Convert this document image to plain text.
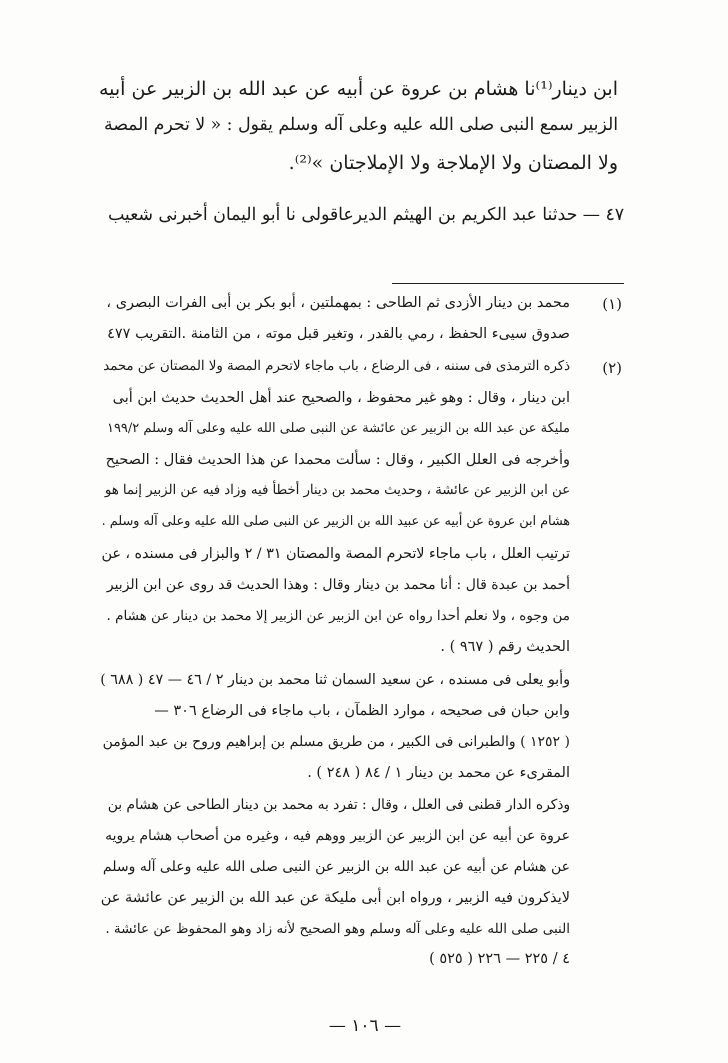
ابن دينار⁽¹⁾نا هشام بن عروة عن أبيه عن عبد الله بن الزبير عن أبيه
الزبير سمع النبى صلى الله عليه وعلى آله وسلم يقول : « لا تحرم المصة
ولا المصتان ولا الإملاجة ولا الإملاجتان »⁽²⁾.
٤٧ — حدثنا عبد الكريم بن الهيثم الديرعاقولى نا أبو اليمان أخبرنى شعيب
(١)
(٢)
محمد بن دينار الأزدى ثم الطاحى : بمهملتين ، أبو بكر بن أبى الفرات البصرى ،
صدوق سيىء الحفظ ، رمي بالقدر ، وتغير قبل موته ، من الثامنة .التقريب ٤٧٧
ذكره الترمذى فى سننه ، فى الرضاع ، باب ماجاء لاتحرم المصة ولا المصتان عن محمد
ابن دينار ، وقال : وهو غير محفوظ ، والصحيح عند أهل الحديث حديث ابن أبى
مليكة عن عبد الله بن الزبير عن عائشة عن النبى صلى الله عليه وعلى آله وسلم ١٩٩/٢
وأخرجه فى العلل الكبير ، وقال : سألت محمدا عن هذا الحديث فقال : الصحيح
عن ابن الزبير عن عائشة ، وحديث محمد بن دينار أخطأ فيه وزاد فيه عن الزبير إنما هو
هشام ابن عروة عن أبيه عن عبيد الله بن الزبير عن النبى صلى الله عليه وعلى آله وسلم .
ترتيب العلل ، باب ماجاء لاتحرم المصة والمصتان ٣١ / ٢ والبزار فى مسنده ، عن
أحمد بن عبدة قال : أنا محمد بن دينار وقال : وهذا الحديث قد روى عن ابن الزبير
من وجوه ، ولا نعلم أحدا رواه عن ابن الزبير عن الزبير إلا محمد بن دينار عن هشام .
الحديث رقم ( ٩٦٧ ) .
وأبو يعلى فى مسنده ، عن سعيد السمان ثنا محمد بن دينار ٢ / ٤٦ — ٤٧ ( ٦٨٨ )
وابن حبان فى صحيحه ، موارد الظمآن ، باب ماجاء فى الرضاع ٣٠٦ —
( ١٢٥٢ ) والطبرانى فى الكبير ، من طريق مسلم بن إبراهيم وروح بن عبد المؤمن
المقرىء عن محمد بن دينار ١ / ٨٤ ( ٢٤٨ ) .
وذكره الدار قطنى فى العلل ، وقال : تفرد به محمد بن دينار الطاحى عن هشام بن
عروة عن أبيه عن ابن الزبير عن الزبير ووهم فيه ، وغيره من أصحاب هشام يرويه
عن هشام عن أبيه عن عبد الله بن الزبير عن النبى صلى الله عليه وعلى آله وسلم
لايذكرون فيه الزبير ، ورواه ابن أبى مليكة عن عبد الله بن الزبير عن عائشة عن
النبى صلى الله عليه وعلى آله وسلم وهو الصحيح لأنه زاد وهو المحفوظ عن عائشة .
٤ / ٢٢٥ — ٢٢٦ ( ٥٢٥ )
— ١٠٦ —
